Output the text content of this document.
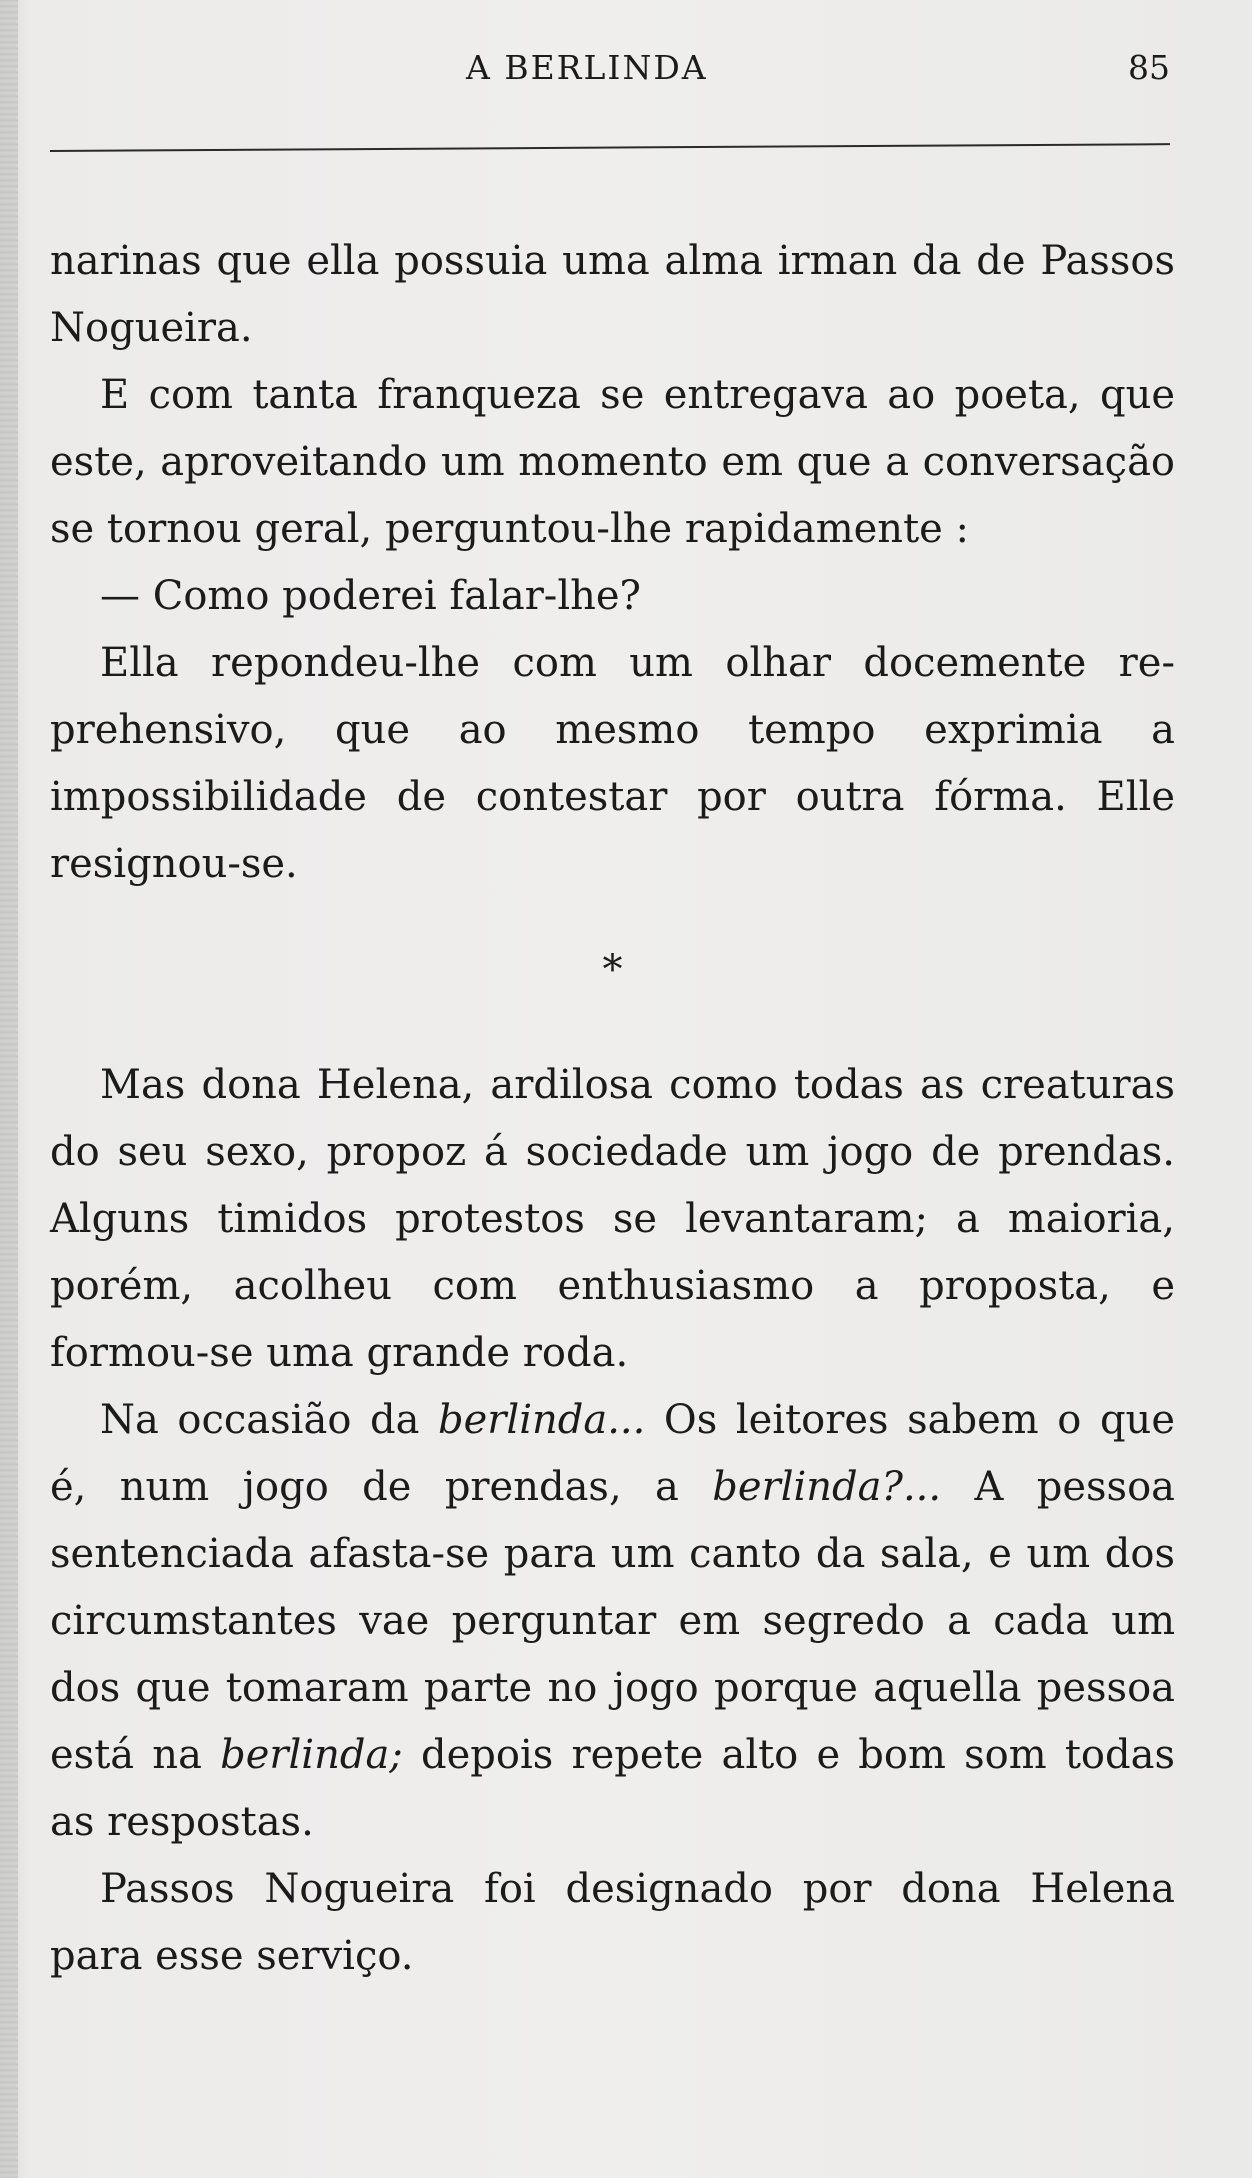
A BERLINDA	85

narinas que ella possuia uma alma irman da de Passos Nogueira.

E com tanta franqueza se entregava ao poeta, que este, aproveitando um momento em que a conversação se tornou geral, perguntou-lhe rapidamente :

— Como poderei falar-lhe?

Ella repondeu-lhe com um olhar docemente reprehensivo, que ao mesmo tempo exprimia a impossibilidade de contestar por outra fórma. Elle resignou-se.

*

Mas dona Helena, ardilosa como todas as creaturas do seu sexo, propoz á sociedade um jogo de prendas. Alguns timidos protestos se levantaram; a maioria, porém, acolheu com enthusiasmo a proposta, e formou-se uma grande roda.

Na occasião da berlinda... Os leitores sabem o que é, num jogo de prendas, a berlinda?... A pessoa sentenciada afasta-se para um canto da sala, e um dos circumstantes vae perguntar em segredo a cada um dos que tomaram parte no jogo porque aquella pessoa está na berlinda; depois repete alto e bom som todas as respostas.

Passos Nogueira foi designado por dona Helena para esse serviço.
